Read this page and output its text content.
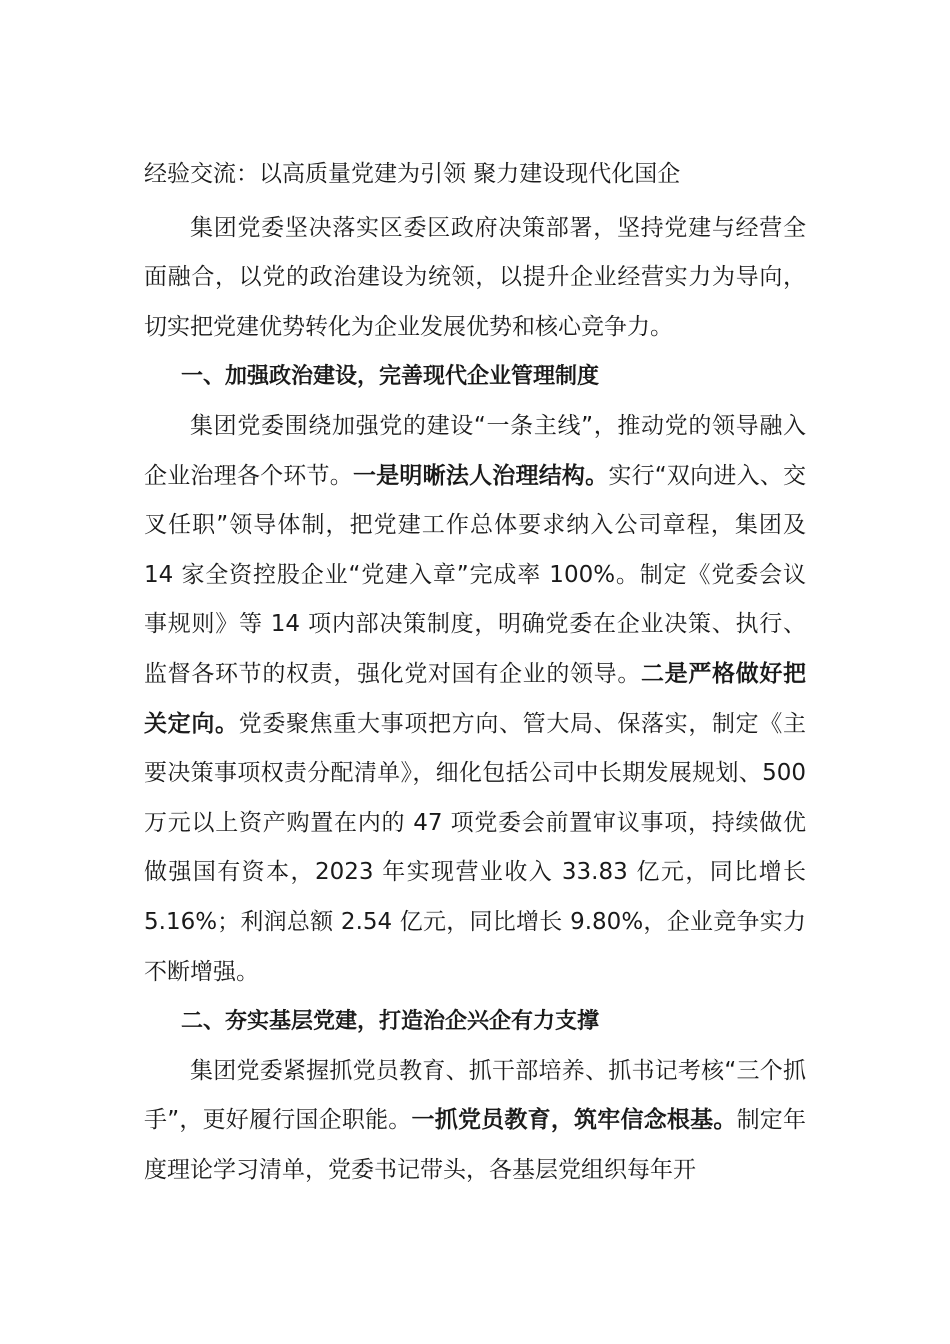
经验交流：以高质量党建为引领 聚力建设现代化国企

集团党委坚决落实区委区政府决策部署，坚持党建与经营全面融合，以党的政治建设为统领，以提升企业经营实力为导向，切实把党建优势转化为企业发展优势和核心竞争力。

一、加强政治建设，完善现代企业管理制度

集团党委围绕加强党的建设“一条主线”，推动党的领导融入企业治理各个环节。一是明晰法人治理结构。实行“双向进入、交叉任职”领导体制，把党建工作总体要求纳入公司章程，集团及 14 家全资控股企业“党建入章”完成率 100%。制定《党委会议事规则》等 14 项内部决策制度，明确党委在企业决策、执行、监督各环节的权责，强化党对国有企业的领导。二是严格做好把关定向。党委聚焦重大事项把方向、管大局、保落实，制定《主要决策事项权责分配清单》，细化包括公司中长期发展规划、500 万元以上资产购置在内的 47 项党委会前置审议事项，持续做优做强国有资本，2023 年实现营业收入 33.83 亿元，同比增长 5.16%；利润总额 2.54 亿元，同比增长 9.80%，企业竞争实力不断增强。

二、夯实基层党建，打造治企兴企有力支撑

集团党委紧握抓党员教育、抓干部培养、抓书记考核“三个抓手”，更好履行国企职能。一抓党员教育，筑牢信念根基。制定年度理论学习清单，党委书记带头，各基层党组织每年开
